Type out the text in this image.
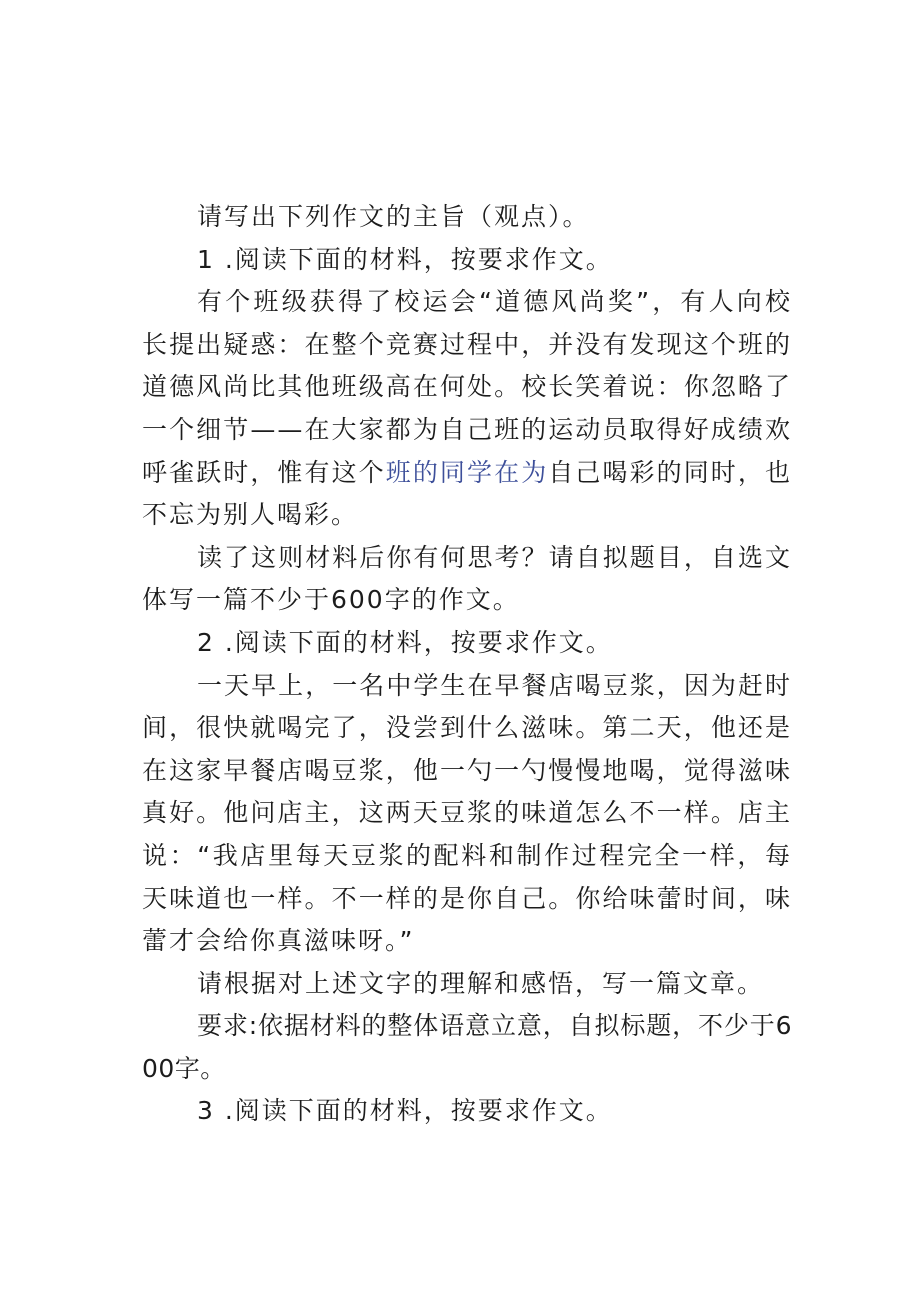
请写出下列作文的主旨（观点）。

1 .阅读下面的材料，按要求作文。

有个班级获得了校运会“道德风尚奖”，有人向校长提出疑惑：在整个竞赛过程中，并没有发现这个班的道德风尚比其他班级高在何处。校长笑着说：你忽略了一个细节——在大家都为自己班的运动员取得好成绩欢呼雀跃时，惟有这个班的同学在为自己喝彩的同时，也不忘为别人喝彩。

读了这则材料后你有何思考？请自拟题目，自选文体写一篇不少于600字的作文。

2 .阅读下面的材料，按要求作文。

一天早上，一名中学生在早餐店喝豆浆，因为赶时间，很快就喝完了，没尝到什么滋味。第二天，他还是在这家早餐店喝豆浆，他一勺一勺慢慢地喝，觉得滋味真好。他问店主，这两天豆浆的味道怎么不一样。店主说：“我店里每天豆浆的配料和制作过程完全一样，每天味道也一样。不一样的是你自己。你给味蕾时间，味蕾才会给你真滋味呀。”

请根据对上述文字的理解和感悟，写一篇文章。

要求:依据材料的整体语意立意，自拟标题，不少于600字。

3 .阅读下面的材料，按要求作文。
